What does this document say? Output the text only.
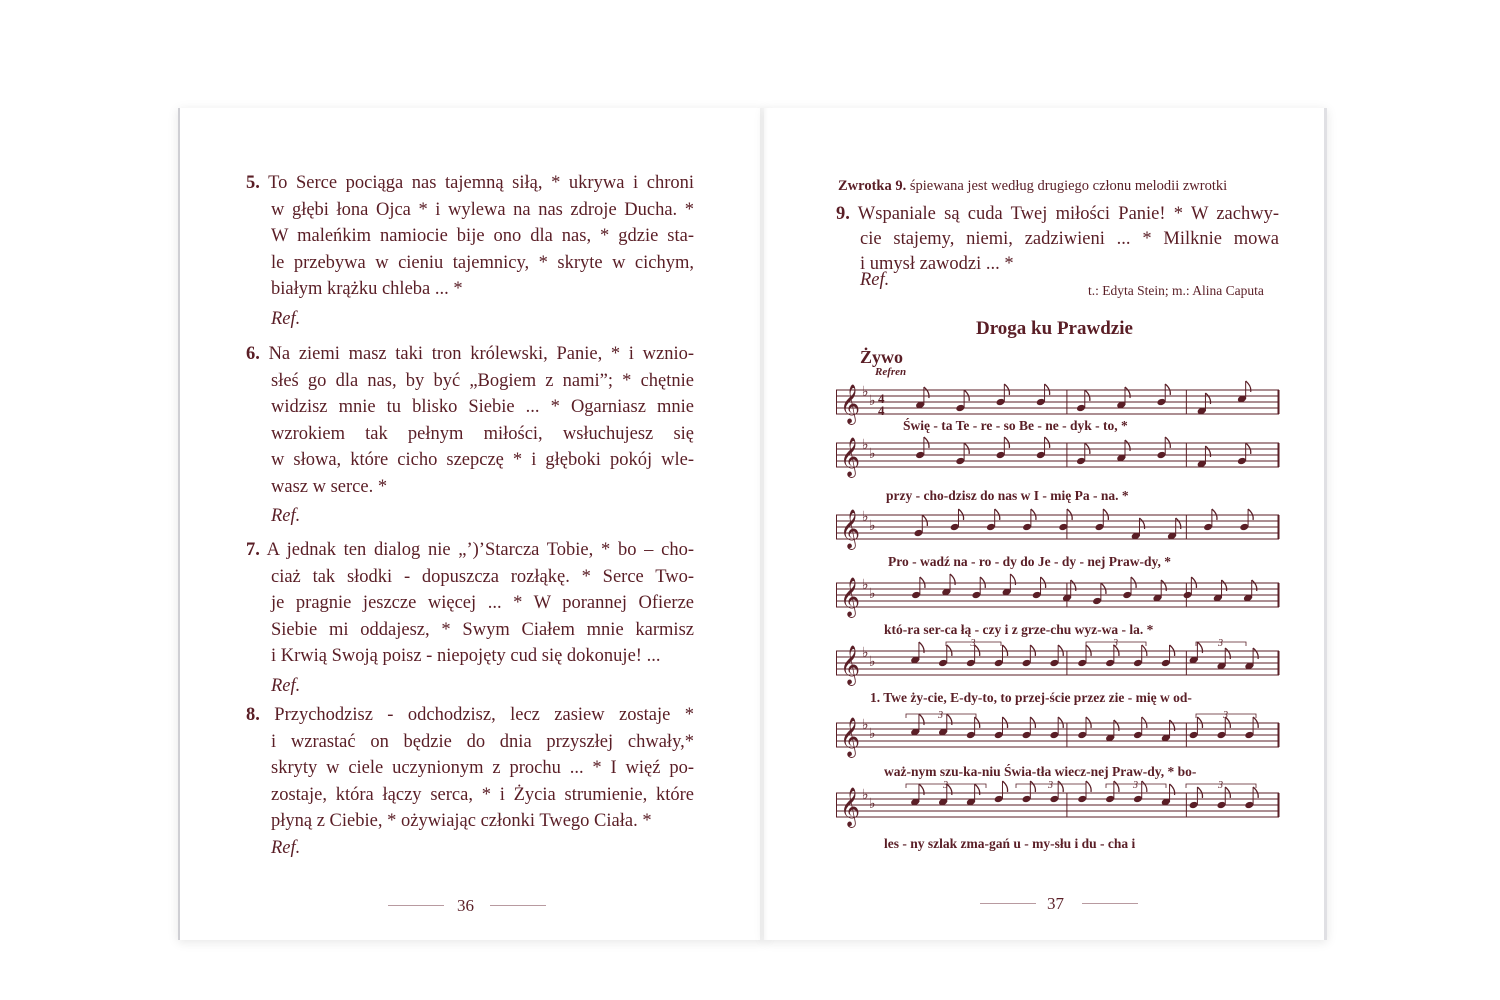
5. To Serce pociąga nas tajemną siłą, * ukrywa i chroni
w głębi łona Ojca * i wylewa na nas zdroje Ducha. *
W maleńkim namiocie bije ono dla nas, * gdzie sta-
le przebywa w cieniu tajemnicy, * skryte w cichym,
białym krążku chleba ... *
Ref.
6. Na ziemi masz taki tron królewski, Panie, * i wznio-
słeś go dla nas, by być „Bogiem z nami”; * chętnie
widzisz mnie tu blisko Siebie ... * Ogarniasz mnie
wzrokiem tak pełnym miłości, wsłuchujesz się
w słowa, które cicho szepczę * i głęboki pokój wle-
wasz w serce. *
Ref.
7. A jednak ten dialog nie „’)’Starcza Tobie, * bo – cho-
ciaż tak słodki - dopuszcza rozłąkę. * Serce Two-
je pragnie jeszcze więcej ... * W porannej Ofierze
Siebie mi oddajesz, * Swym Ciałem mnie karmisz
i Krwią Swoją poisz - niepojęty cud się dokonuje! ...
Ref.
8. Przychodzisz - odchodzisz, lecz zasiew zostaje *
i wzrastać on będzie do dnia przyszłej chwały,*
skryty w ciele uczynionym z prochu ... * I więź po-
zostaje, która łączy serca, * i Życia strumienie, które
płyną z Ciebie, * ożywiając członki Twego Ciała. *
Ref.
36
Zwrotka 9. śpiewana jest według drugiego członu melodii zwrotki
9. Wspaniale są cuda Twej miłości Panie! * W zachwy-
cie stajemy, niemi, zadziwieni ... * Milknie mowa
i umysł zawodzi ... *
Ref.
t.: Edyta Stein; m.: Alina Caputa
Droga ku Prawdzie
Żywo
Refren
𝄞 ♭
♭ 4
4
Świę - ta Te - re - so Be - ne - dyk - to, *
𝄞 ♭
♭
przy - cho-dzisz do nas w I - mię Pa - na. *
𝄞 ♭
♭
Pro - wadź na - ro - dy do Je - dy - nej Praw-dy, *
𝄞 ♭
♭
któ-ra ser-ca łą - czy i z grze-chu wyz-wa - la. *
𝄞 ♭
♭
3	3	3
1. Twe ży-cie, E-dy-to, to przej-ście przez zie - mię w od-
𝄞 ♭
♭
3	3
waż-nym szu-ka-niu Świa-tła wiecz-nej Praw-dy, * bo-
𝄞 ♭
♭
3	3	3	3
les - ny szlak zma-gań u - my-słu i du - cha i
37
